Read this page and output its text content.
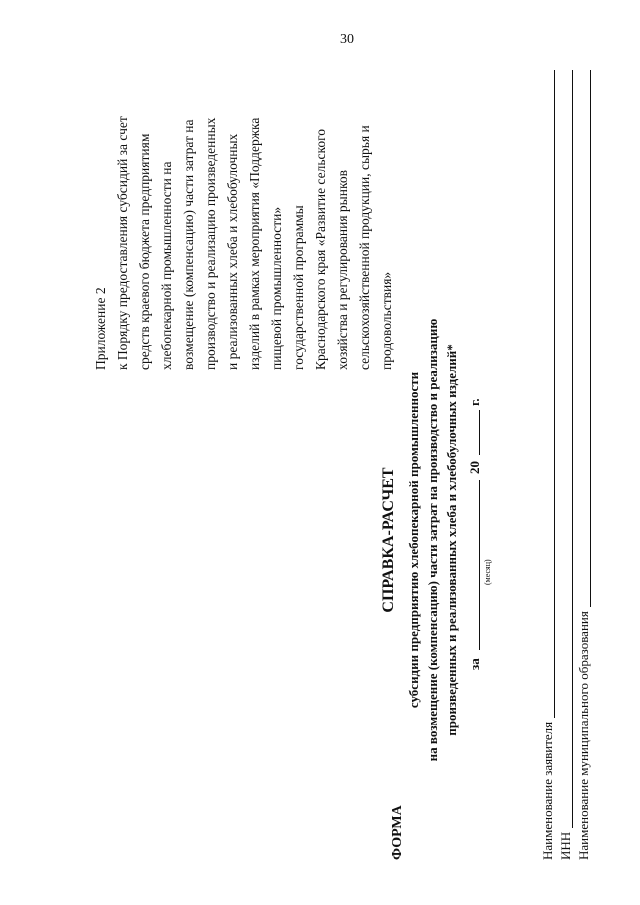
30
Приложение 2 к Порядку предоставления субсидий за счет средств краевого бюджета предприятиям хлебопекарной промышленности на возмещение (компенсацию) части затрат на производство и реализацию произведенных и реализованных хлеба и хлебобулочных изделий в рамках мероприятия «Поддержка пищевой промышленности» государственной программы Краснодарского края «Развитие сельского хозяйства и регулирования рынков сельскохозяйственной продукции, сырья и продовольствия»
ФОРМА
СПРАВКА-РАСЧЕТ субсидии предприятию хлебопекарной промышленности на возмещение (компенсацию) части затрат на производство и реализацию произведенных и реализованных хлеба и хлебобулочных изделий* за
(месяц)
20
г.
Наименование заявителя ИНН Наименование муниципального образования
